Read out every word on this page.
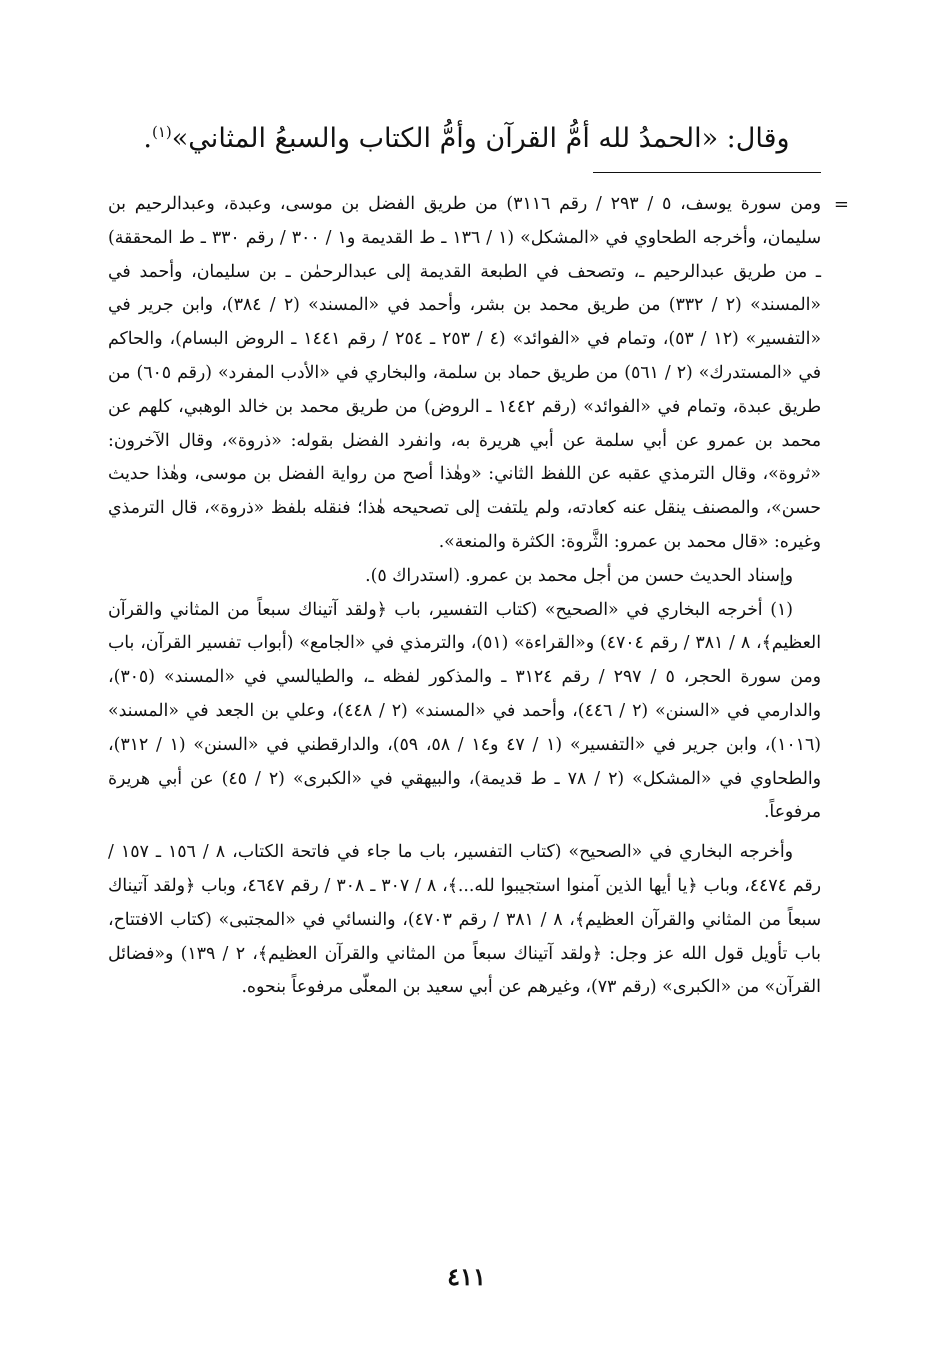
وقال: «الحمدُ لله أمُّ القرآن وأمُّ الكتاب والسبعُ المثاني»$^{(١)}$.
=

ومن سورة يوسف، ٥ / ٢٩٣ / رقم ٣١١٦) من طريق الفضل بن موسى، وعبدة، وعبدالرحيم بن سليمان، وأخرجه الطحاوي في «المشكل» (١ / ١٣٦ ـ ط القديمة و١ / ٣٠٠ / رقم ٣٣٠ ـ ط المحققة) ـ من طريق عبدالرحيم ـ، وتصحف في الطبعة القديمة إلى عبدالرحمٰن ـ بن سليمان، وأحمد في «المسند» (٢ / ٣٣٢) من طريق محمد بن بشر، وأحمد في «المسند» (٢ / ٣٨٤)، وابن جرير في «التفسير» (١٢ / ٥٣)، وتمام في «الفوائد» (٤ / ٢٥٣ ـ ٢٥٤ / رقم ١٤٤١ ـ الروض البسام)، والحاكم في «المستدرك» (٢ / ٥٦١) من طريق حماد بن سلمة، والبخاري في «الأدب المفرد» (رقم ٦٠٥) من طريق عبدة، وتمام في «الفوائد» (رقم ١٤٤٢ ـ الروض) من طريق محمد بن خالد الوهبي، كلهم عن محمد بن عمرو عن أبي سلمة عن أبي هريرة به، وانفرد الفضل بقوله: «ذروة»، وقال الآخرون: «ثروة»، وقال الترمذي عقبه عن اللفظ الثاني: «وهٰذا أصح من رواية الفضل بن موسى، وهٰذا حديث حسن»، والمصنف ينقل عنه كعادته، ولم يلتفت إلى تصحيحه هٰذا؛ فنقله بلفظ «ذروة»، قال الترمذي وغيره: «قال محمد بن عمرو: الثَّروة: الكثرة والمنعة».

وإسناد الحديث حسن من أجل محمد بن عمرو. (استدراك ٥).

(١) أخرجه البخاري في «الصحيح» (كتاب التفسير، باب ﴿ولقد آتيناك سبعاً من المثاني والقرآن العظيم﴾، ٨ / ٣٨١ / رقم ٤٧٠٤) و«القراءة» (٥١)، والترمذي في «الجامع» (أبواب تفسير القرآن، باب ومن سورة الحجر، ٥ / ٢٩٧ / رقم ٣١٢٤ ـ والمذكور لفظه ـ، والطيالسي في «المسند» (٣٠٥)، والدارمي في «السنن» (٢ / ٤٤٦)، وأحمد في «المسند» (٢ / ٤٤٨)، وعلي بن الجعد في «المسند» (١٠١٦)، وابن جرير في «التفسير» (١ / ٤٧ و١٤ / ٥٨، ٥٩)، والدارقطني في «السنن» (١ / ٣١٢)، والطحاوي في «المشكل» (٢ / ٧٨ ـ ط قديمة)، والبيهقي في «الكبرى» (٢ / ٤٥) عن أبي هريرة مرفوعاً.

وأخرجه البخاري في «الصحيح» (كتاب التفسير، باب ما جاء في فاتحة الكتاب، ٨ / ١٥٦ ـ ١٥٧ / رقم ٤٤٧٤، وباب ﴿يا أيها الذين آمنوا استجيبوا لله...﴾، ٨ / ٣٠٧ ـ ٣٠٨ / رقم ٤٦٤٧، وباب ﴿ولقد آتيناك سبعاً من المثاني والقرآن العظيم﴾، ٨ / ٣٨١ / رقم ٤٧٠٣)، والنسائي في «المجتبى» (كتاب الافتتاح، باب تأويل قول الله عز وجل: ﴿ولقد آتيناك سبعاً من المثاني والقرآن العظيم﴾، ٢ / ١٣٩) و«فضائل القرآن» من «الكبرى» (رقم ٧٣)، وغيرهم عن أبي سعيد بن المعلّى مرفوعاً بنحوه.

٤١١
